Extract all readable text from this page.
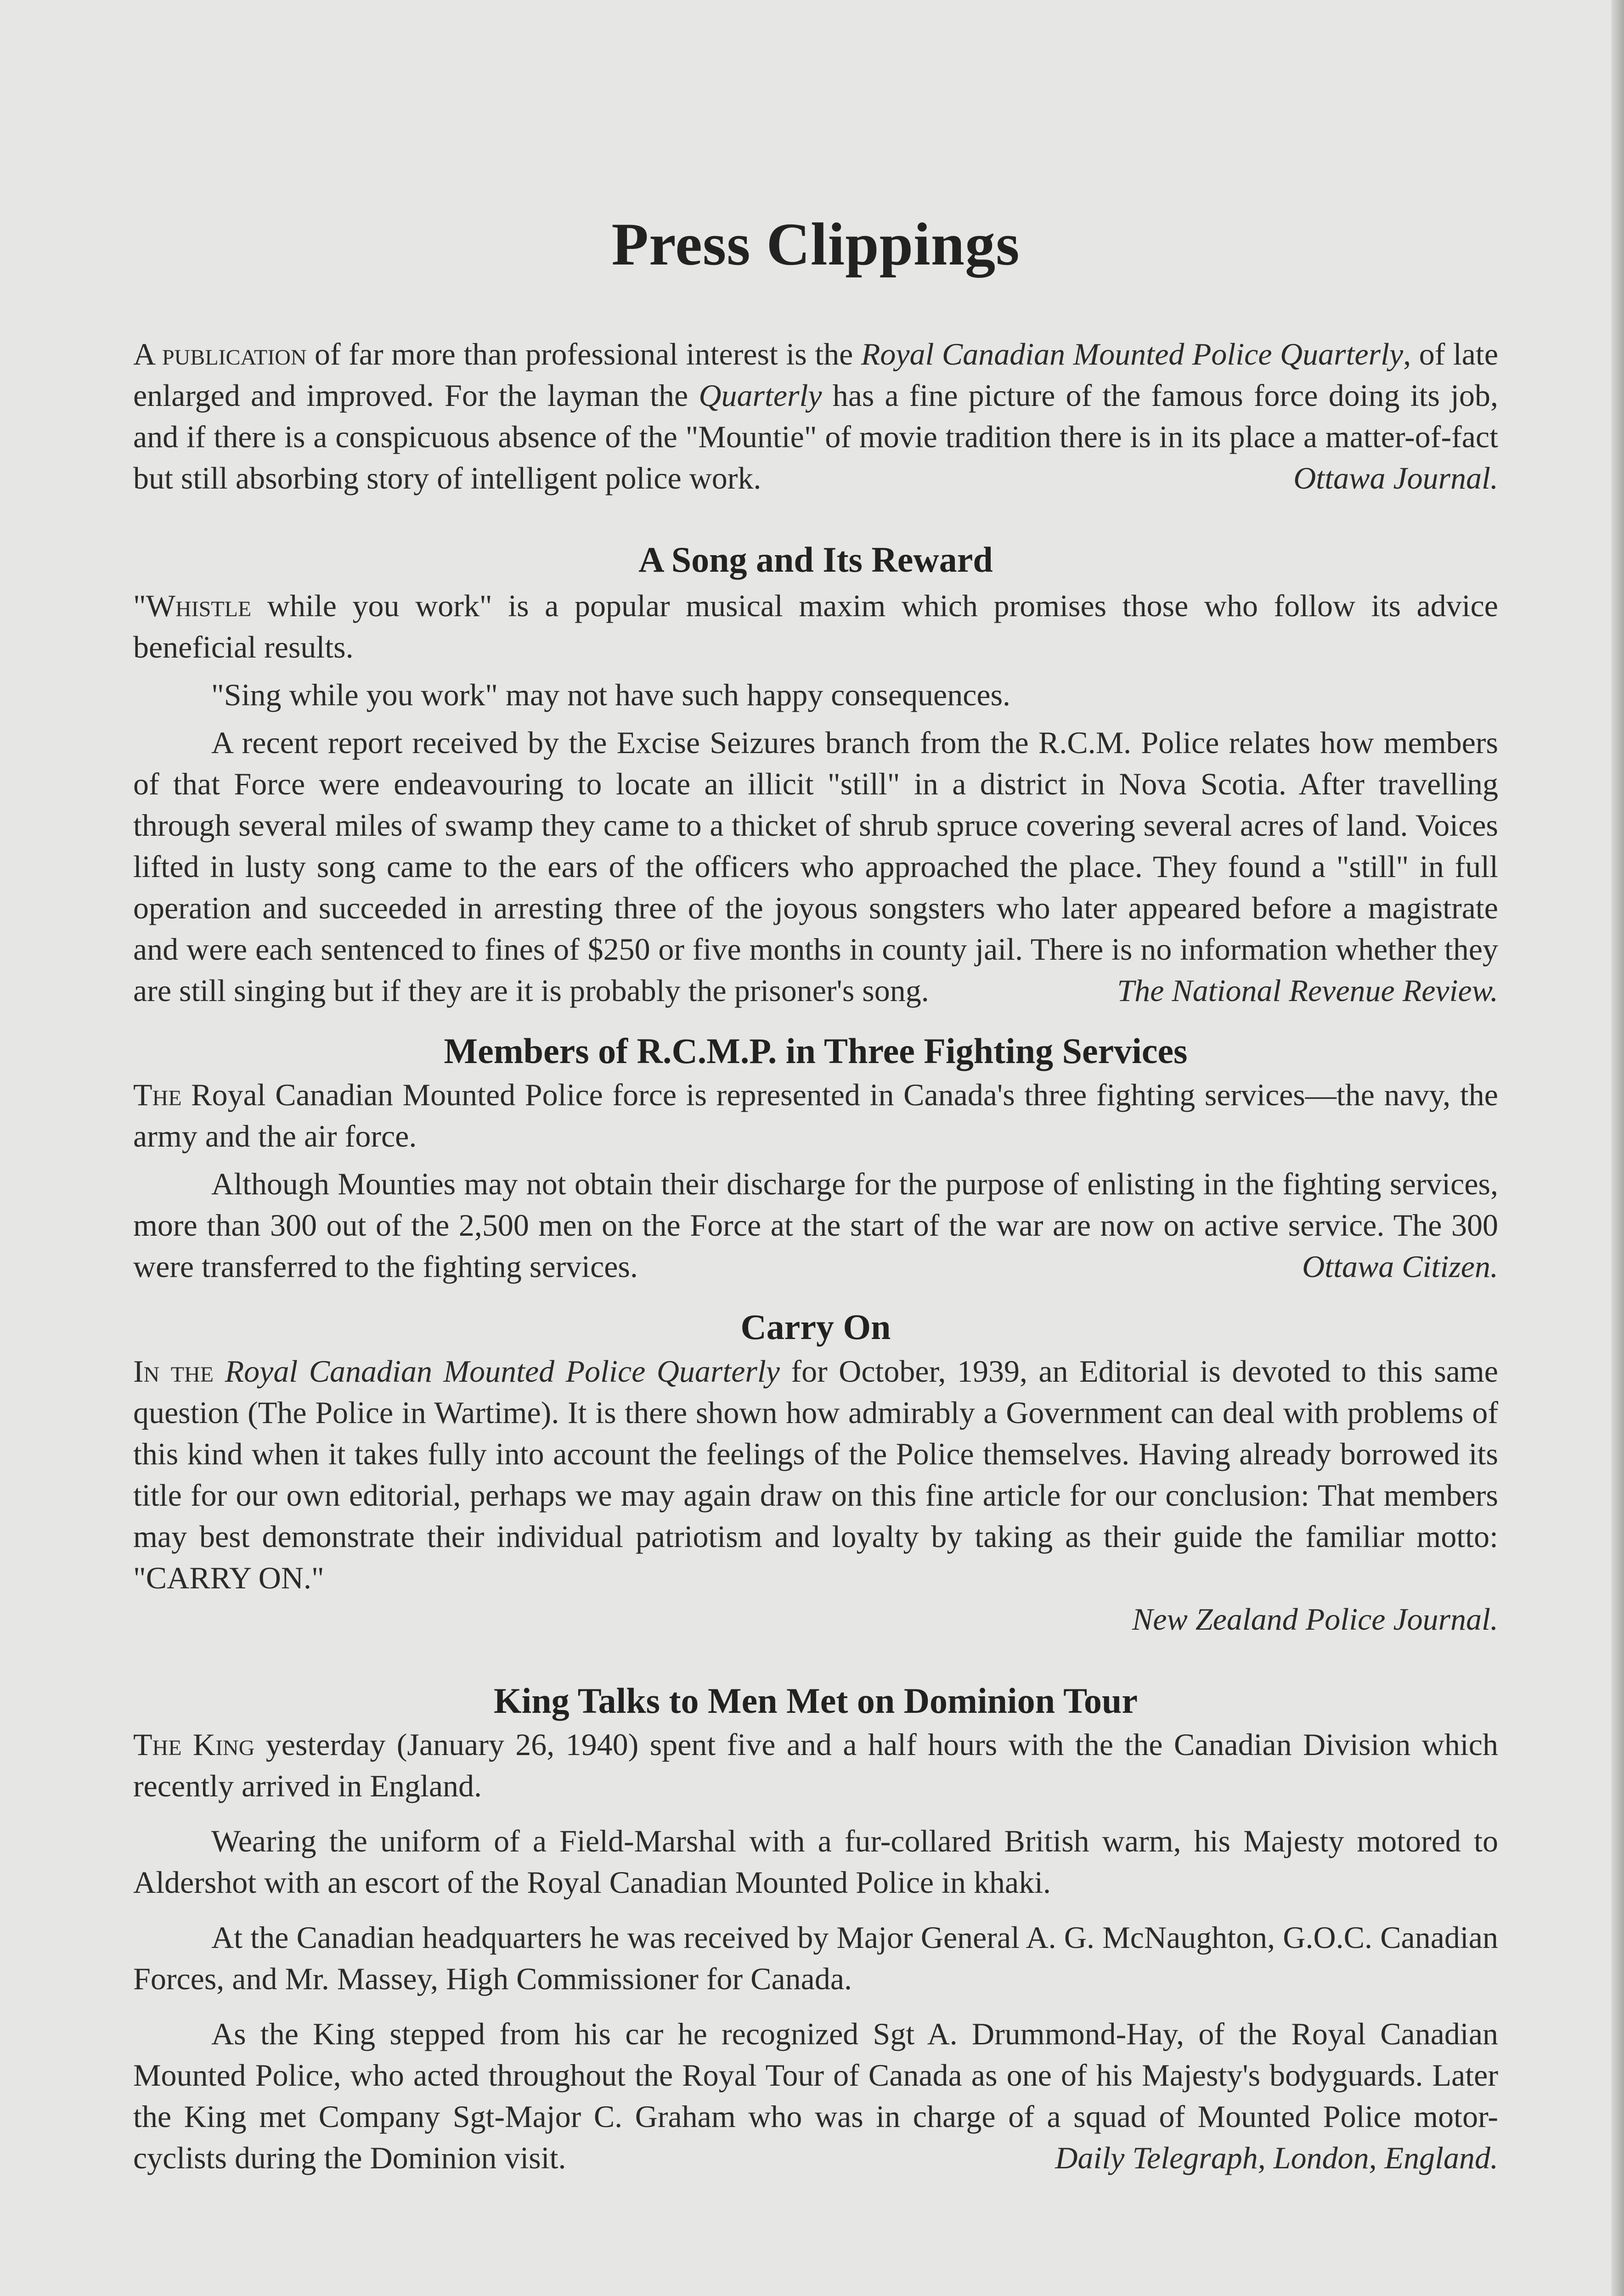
Press Clippings

A publication of far more than professional interest is the Royal Canadian Mounted Police Quarterly, of late enlarged and improved. For the layman the Quarterly has a fine picture of the famous force doing its job, and if there is a conspicuous absence of the "Mountie" of movie tradition there is in its place a matter-of-fact but still absorbing story of intelligent police work.	Ottawa Journal.

A Song and Its Reward

"Whistle while you work" is a popular musical maxim which promises those who follow its advice beneficial results.

"Sing while you work" may not have such happy consequences.

A recent report received by the Excise Seizures branch from the R.C.M. Police relates how members of that Force were endeavouring to locate an illicit "still" in a district in Nova Scotia. After travelling through several miles of swamp they came to a thicket of shrub spruce covering several acres of land. Voices lifted in lusty song came to the ears of the officers who approached the place. They found a "still" in full operation and succeeded in arresting three of the joyous songsters who later appeared before a magistrate and were each sentenced to fines of $250 or five months in county jail. There is no information whether they are still singing but if they are it is probably the prisoner's song.	The National Revenue Review.

Members of R.C.M.P. in Three Fighting Services

The Royal Canadian Mounted Police force is represented in Canada's three fighting services—the navy, the army and the air force.

Although Mounties may not obtain their discharge for the purpose of enlisting in the fighting services, more than 300 out of the 2,500 men on the Force at the start of the war are now on active service. The 300 were transferred to the fighting services.	Ottawa Citizen.

Carry On

In the Royal Canadian Mounted Police Quarterly for October, 1939, an Editorial is devoted to this same question (The Police in Wartime). It is there shown how admirably a Government can deal with problems of this kind when it takes fully into account the feelings of the Police themselves. Having already borrowed its title for our own editorial, perhaps we may again draw on this fine article for our conclusion: That members may best demonstrate their individual patriotism and loyalty by taking as their guide the familiar motto: "CARRY ON."

New Zealand Police Journal.
King Talks to Men Met on Dominion Tour

The King yesterday (January 26, 1940) spent five and a half hours with the the Canadian Division which recently arrived in England.

Wearing the uniform of a Field-Marshal with a fur-collared British warm, his Majesty motored to Aldershot with an escort of the Royal Canadian Mounted Police in khaki.

At the Canadian headquarters he was received by Major General A. G. McNaughton, G.O.C. Canadian Forces, and Mr. Massey, High Commissioner for Canada.

As the King stepped from his car he recognized Sgt A. Drummond-Hay, of the Royal Canadian Mounted Police, who acted throughout the Royal Tour of Canada as one of his Majesty's bodyguards. Later the King met Company Sgt-Major C. Graham who was in charge of a squad of Mounted Police motor-cyclists during the Dominion visit.	Daily Telegraph, London, England.
